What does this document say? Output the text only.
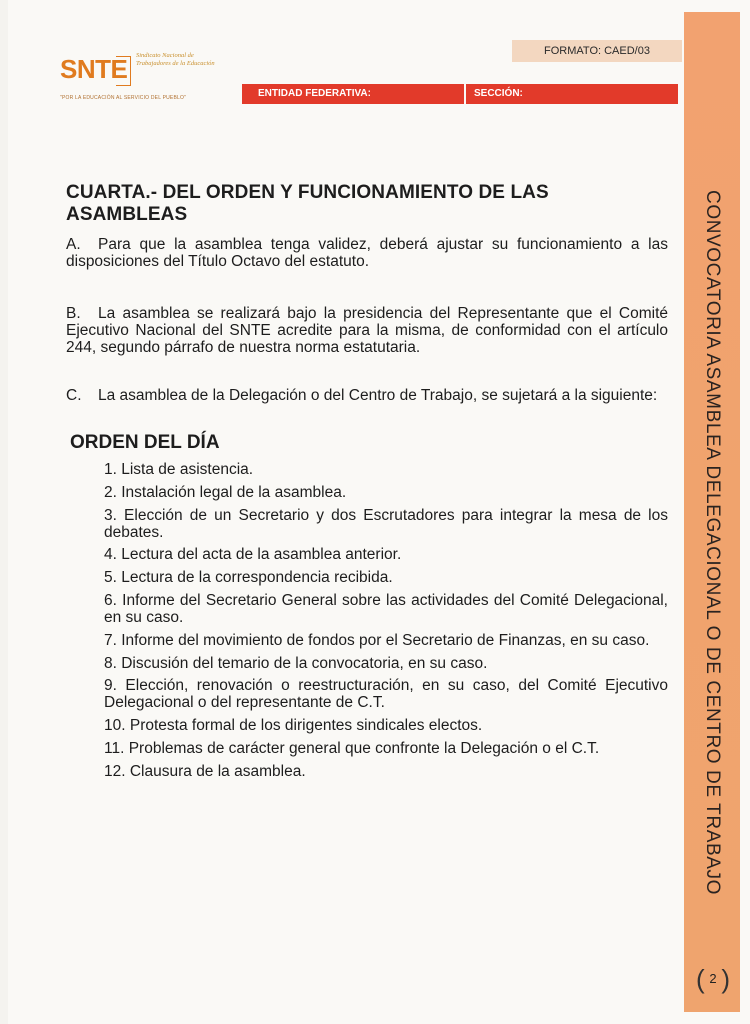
SNTE Sindicato Nacional de Trabajadores de la Educación
"POR LA EDUCACIÓN AL SERVICIO DEL PUEBLO"
FORMATO: CAED/03
ENTIDAD FEDERATIVA:	SECCIÓN:
CONVOCATORIA ASAMBLEA DELEGACIONAL O DE CENTRO DE TRABAJO
( 2 )
CUARTA.- DEL ORDEN Y FUNCIONAMIENTO DE LAS ASAMBLEAS
A. Para que la asamblea tenga validez, deberá ajustar su funcionamiento a las disposiciones del Título Octavo del estatuto.
B. La asamblea se realizará bajo la presidencia del Representante que el Comité Ejecutivo Nacional del SNTE acredite para la misma, de conformidad con el artículo 244, segundo párrafo de nuestra norma estatutaria.
C. La asamblea de la Delegación o del Centro de Trabajo, se sujetará a la siguiente:
ORDEN DEL DÍA
1. Lista de asistencia.
2. Instalación legal de la asamblea.
3. Elección de un Secretario y dos Escrutadores para integrar la mesa de los debates.
4. Lectura del acta de la asamblea anterior.
5. Lectura de la correspondencia recibida.
6. Informe del Secretario General sobre las actividades del Comité Delegacional, en su caso.
7. Informe del movimiento de fondos por el Secretario de Finanzas, en su caso.
8. Discusión del temario de la convocatoria, en su caso.
9. Elección, renovación o reestructuración, en su caso, del Comité Ejecutivo Delegacional o del representante de C.T.
10. Protesta formal de los dirigentes sindicales electos.
11. Problemas de carácter general que confronte la Delegación o el C.T.
12. Clausura de la asamblea.
